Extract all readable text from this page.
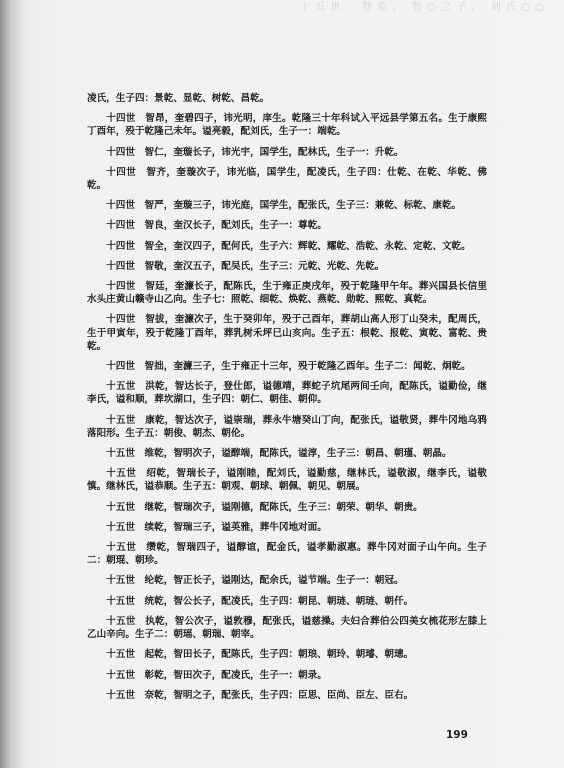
十 五 世     智 乾 ，  智 ○ 之 子 ，  刘 氏 ○ ○

凌氏，生子四：景乾、显乾、树乾、昌乾。

十四世　智昂，奎碧四子，讳光明，庠生。乾隆三十年科试入平远县学第五名。生于康熙丁酉年，殁于乾隆己未年。谥亮毅，配刘氏，生子一：端乾。

十四世　智仁，奎璇长子，讳光宇，国学生，配林氏，生子一：升乾。

十四世　智齐，奎璇次子，讳光临，国学生，配凌氏，生子四：仕乾、在乾、华乾、佛乾。

十四世　智严，奎璇三子，讳光庭，国学生，配张氏，生子三：兼乾、标乾、康乾。

十四世　智良，奎汉长子，配刘氏，生子一：尊乾。

十四世　智全，奎汉四子，配何氏，生子六：辉乾、耀乾、浩乾、永乾、定乾、文乾。

十四世　智敬，奎汉五子，配吴氏，生子三：元乾、光乾、先乾。

十四世　智廷，奎濂长子，配陈氏，生于雍正庚戌年，殁于乾隆甲午年。葬兴国县长信里水头庄黄山赣寺山乙向。生子七：照乾、细乾、焕乾、燕乾、勋乾、熙乾、真乾。

十四世　智拔，奎濂次子，生于癸卯年，殁于己酉年，葬胡山高人形丁山癸未，配周氏，生于甲寅年，殁于乾隆丁酉年，葬乳树禾坪巳山亥向。生子五：根乾、报乾、寅乾、富乾、贵乾。

十四世　智拙，奎濂三子，生于雍正十三年，殁于乾隆乙酉年。生子二：闻乾、炯乾。

十五世　洪乾，智达长子，登仕郎，谥德靖，葬蛇子坑尾两间壬向，配陈氏，谥勤俭，继李氏，谥和顺，葬坎湖口，生子四：朝仁、朝佳、朝仰。

十五世　康乾，智达次子，谥崇瑞，葬永牛塘癸山丁向，配张氏，谥敬贤，葬牛冈地乌鸦落阳形。生子五：朝俊、朝杰、朝伦。

十五世　维乾，智明次子，谥醇端，配陈氏，谥淳，生子三：朝昌、朝瑾、朝晶。

十五世　绍乾，智瑞长子，谥刚睦，配刘氏，谥勤慈，继林氏，谥敬淑，继李氏，谥敬慎。继林氏，谥恭顺。生子五：朝观、朝球、朝佩、朝见、朝展。

十五世　继乾，智瑞次子，谥刚德，配陈氏，生子三：朝荣、朝华、朝贵。

十五世　续乾，智瑞三子，谥英雅，葬牛冈地对面。

十五世　缵乾，智瑞四子，谥醇谊，配金氏，谥孝勤淑惠。葬牛冈对面子山午向。生子二：朝琨、朝珍。

十五世　纶乾，智正长子，谥刚达，配余氏，谥节端。生子一：朝冠。

十五世　统乾，智公长子，配凌氏，生子四：朝昆、朝琏、朝琏、朝仟。

十五世　执乾，智公次子，谥敦穆，配张氏，谥慈操。夫妇合葬伯公四美女梳花形左膝上乙山辛向。生子二：朝瑶、朝瑞、朝宰。

十五世　起乾，智田长子，配陈氏，生子四：朝琅、朝玲、朝璿、朝璁。

十五世　彰乾，智田次子，配凌氏，生子一：朝录。

十五世　奈乾，智明之子，配张氏，生子四：臣思、臣尚、臣左、臣右。

199
